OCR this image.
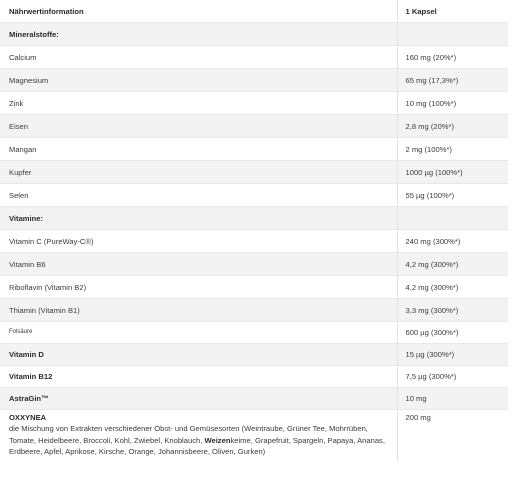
Nährwertinformation	1 Kapsel
Mineralstoffe:	
Calcium	160 mg (20%*)
Magnesium	65 mg (17,3%*)
Zink	10 mg (100%*)
Eisen	2,8 mg (20%*)
Mangan	2 mg (100%*)
Kupfer	1000 µg (100%*)
Selen	55 µg (100%*)
Vitamine:	
Vitamin C (PureWay-C®)	240 mg (300%*)
Vitamin B6	4,2 mg (300%*)
Riboflavin (Vitamin B2)	4,2 mg (300%*)
Thiamin (Vitamin B1)	3,3 mg (300%*)
Folsäure	600 µg (300%*)
Vitamin D	15 µg (300%*)
Vitamin B12	7,5 µg (300%*)
AstraGin™	10 mg

OXXYNEA
die Mischung von Extrakten verschiedener Obst- und Gemüsesorten (Weintraube, Grüner Tee, Mohrrüben, Tomate, Heidelbeere, Broccoli, Kohl, Zwiebel, Knoblauch, Weizenkeime, Grapefruit, Spargeln, Papaya, Ananas, Erdbeere, Apfel, Aprikose, Kirsche, Orange, Johannisbeere, Oliven, Gurken)	200 mg
